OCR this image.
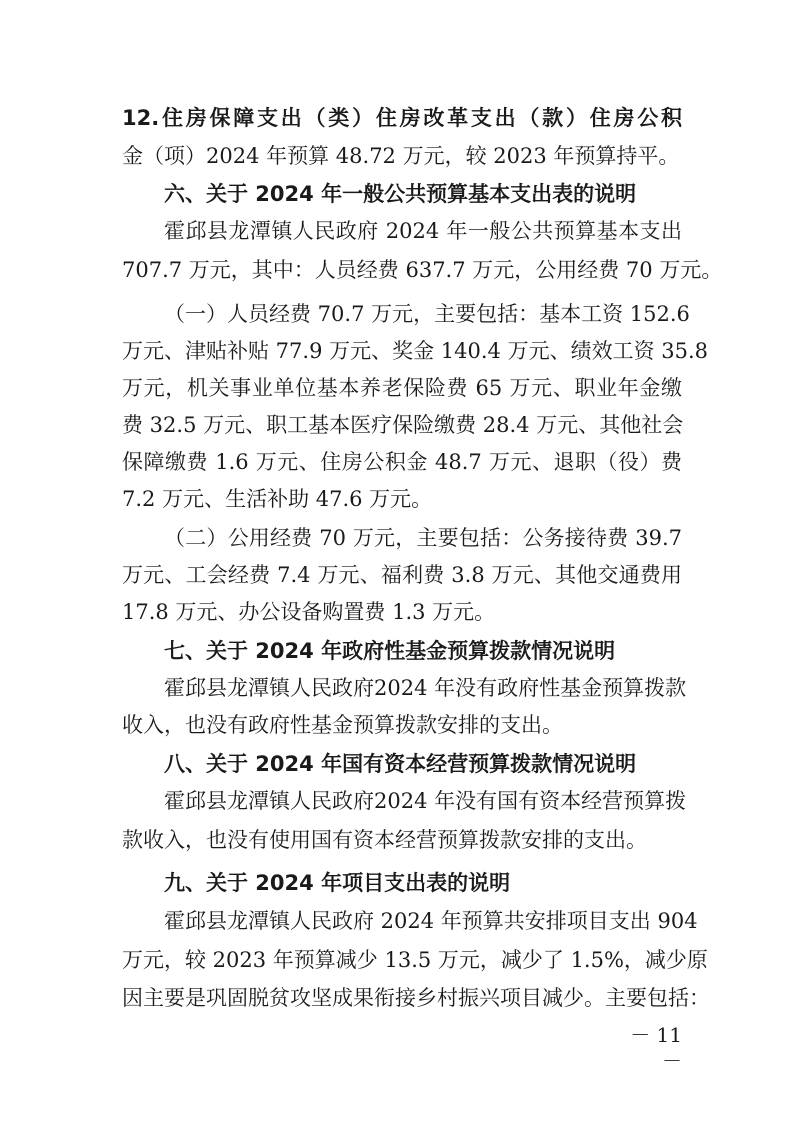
12.住房保障支出（类）住房改革支出（款）住房公积
金（项）2024 年预算 48.72 万元，较 2023 年预算持平。
六、关于 2024 年一般公共预算基本支出表的说明
霍邱县龙潭镇人民政府 2024 年一般公共预算基本支出
707.7 万元，其中：人员经费 637.7 万元，公用经费 70 万元。
（一）人员经费 70.7 万元，主要包括：基本工资 152.6
万元、津贴补贴 77.9 万元、奖金 140.4 万元、绩效工资 35.8
万元，机关事业单位基本养老保险费 65 万元、职业年金缴
费 32.5 万元、职工基本医疗保险缴费 28.4 万元、其他社会
保障缴费 1.6 万元、住房公积金 48.7 万元、退职（役）费
7.2 万元、生活补助 47.6 万元。
（二）公用经费 70 万元，主要包括：公务接待费 39.7
万元、工会经费 7.4 万元、福利费 3.8 万元、其他交通费用
17.8 万元、办公设备购置费 1.3 万元。
七、关于 2024 年政府性基金预算拨款情况说明
霍邱县龙潭镇人民政府2024 年没有政府性基金预算拨款
收入，也没有政府性基金预算拨款安排的支出。
八、关于 2024 年国有资本经营预算拨款情况说明
霍邱县龙潭镇人民政府2024 年没有国有资本经营预算拨
款收入，也没有使用国有资本经营预算拨款安排的支出。
九、关于 2024 年项目支出表的说明
霍邱县龙潭镇人民政府 2024 年预算共安排项目支出 904
万元，较 2023 年预算减少 13.5 万元，减少了 1.5%，减少原
因主要是巩固脱贫攻坚成果衔接乡村振兴项目减少。主要包括：
－ 11 －
